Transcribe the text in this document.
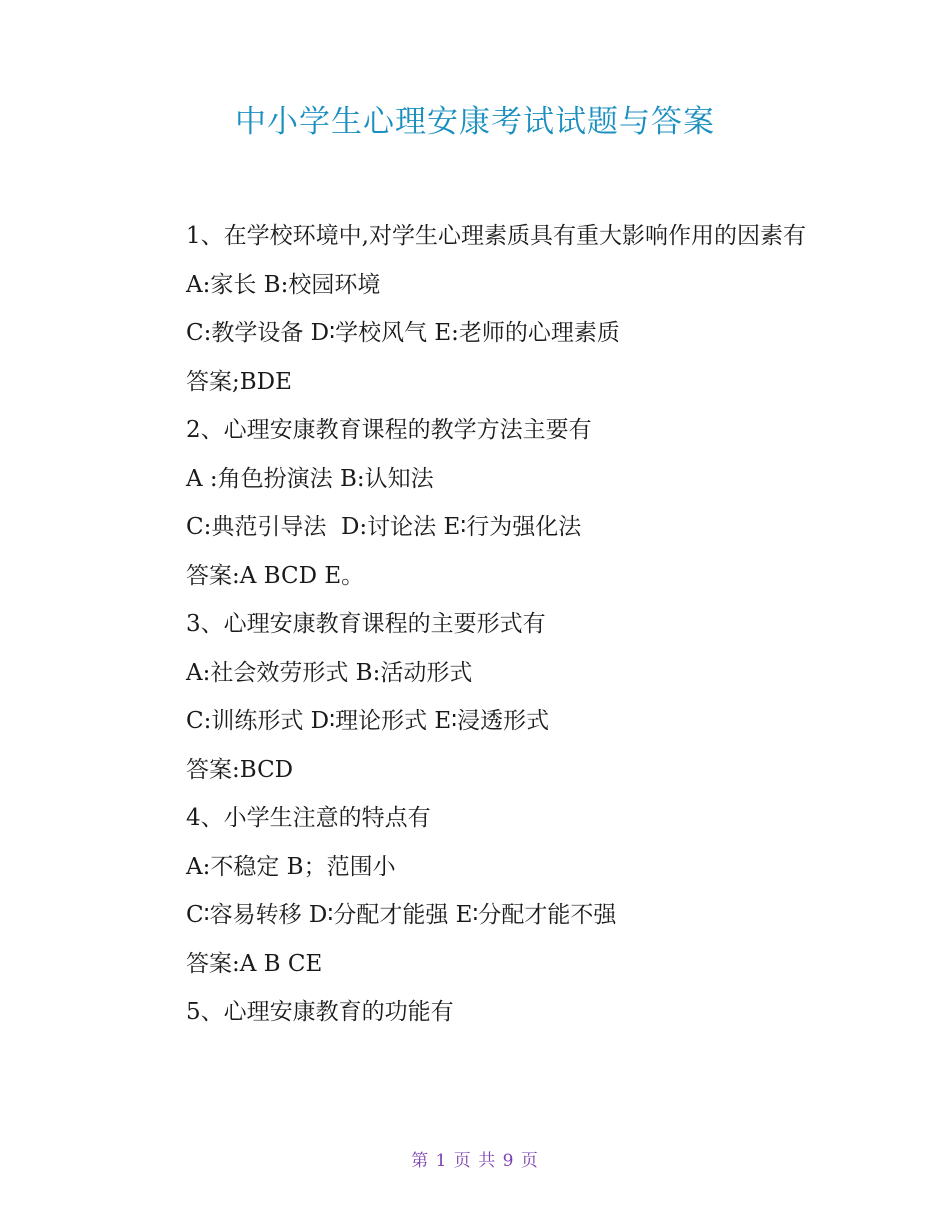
中小学生心理安康考试试题与答案

1、在学校环境中,对学生心理素质具有重大影响作用的因素有

A:家长 B:校园环境

C:教学设备 D∶学校风气 E:老师的心理素质

答案;BDE

2、心理安康教育课程的教学方法主要有

A :角色扮演法 B:认知法

C:典范引导法  D:讨论法 E∶行为强化法

答案:A BCD E。

3、心理安康教育课程的主要形式有

A:社会效劳形式 B:活动形式

C:训练形式 D∶理论形式 E∶浸透形式

答案:BCD

4、小学生注意的特点有

A:不稳定 B；范围小

C∶容易转移 D∶分配才能强 E∶分配才能不强

答案:A B CE

5、心理安康教育的功能有

第 1 页 共 9 页
